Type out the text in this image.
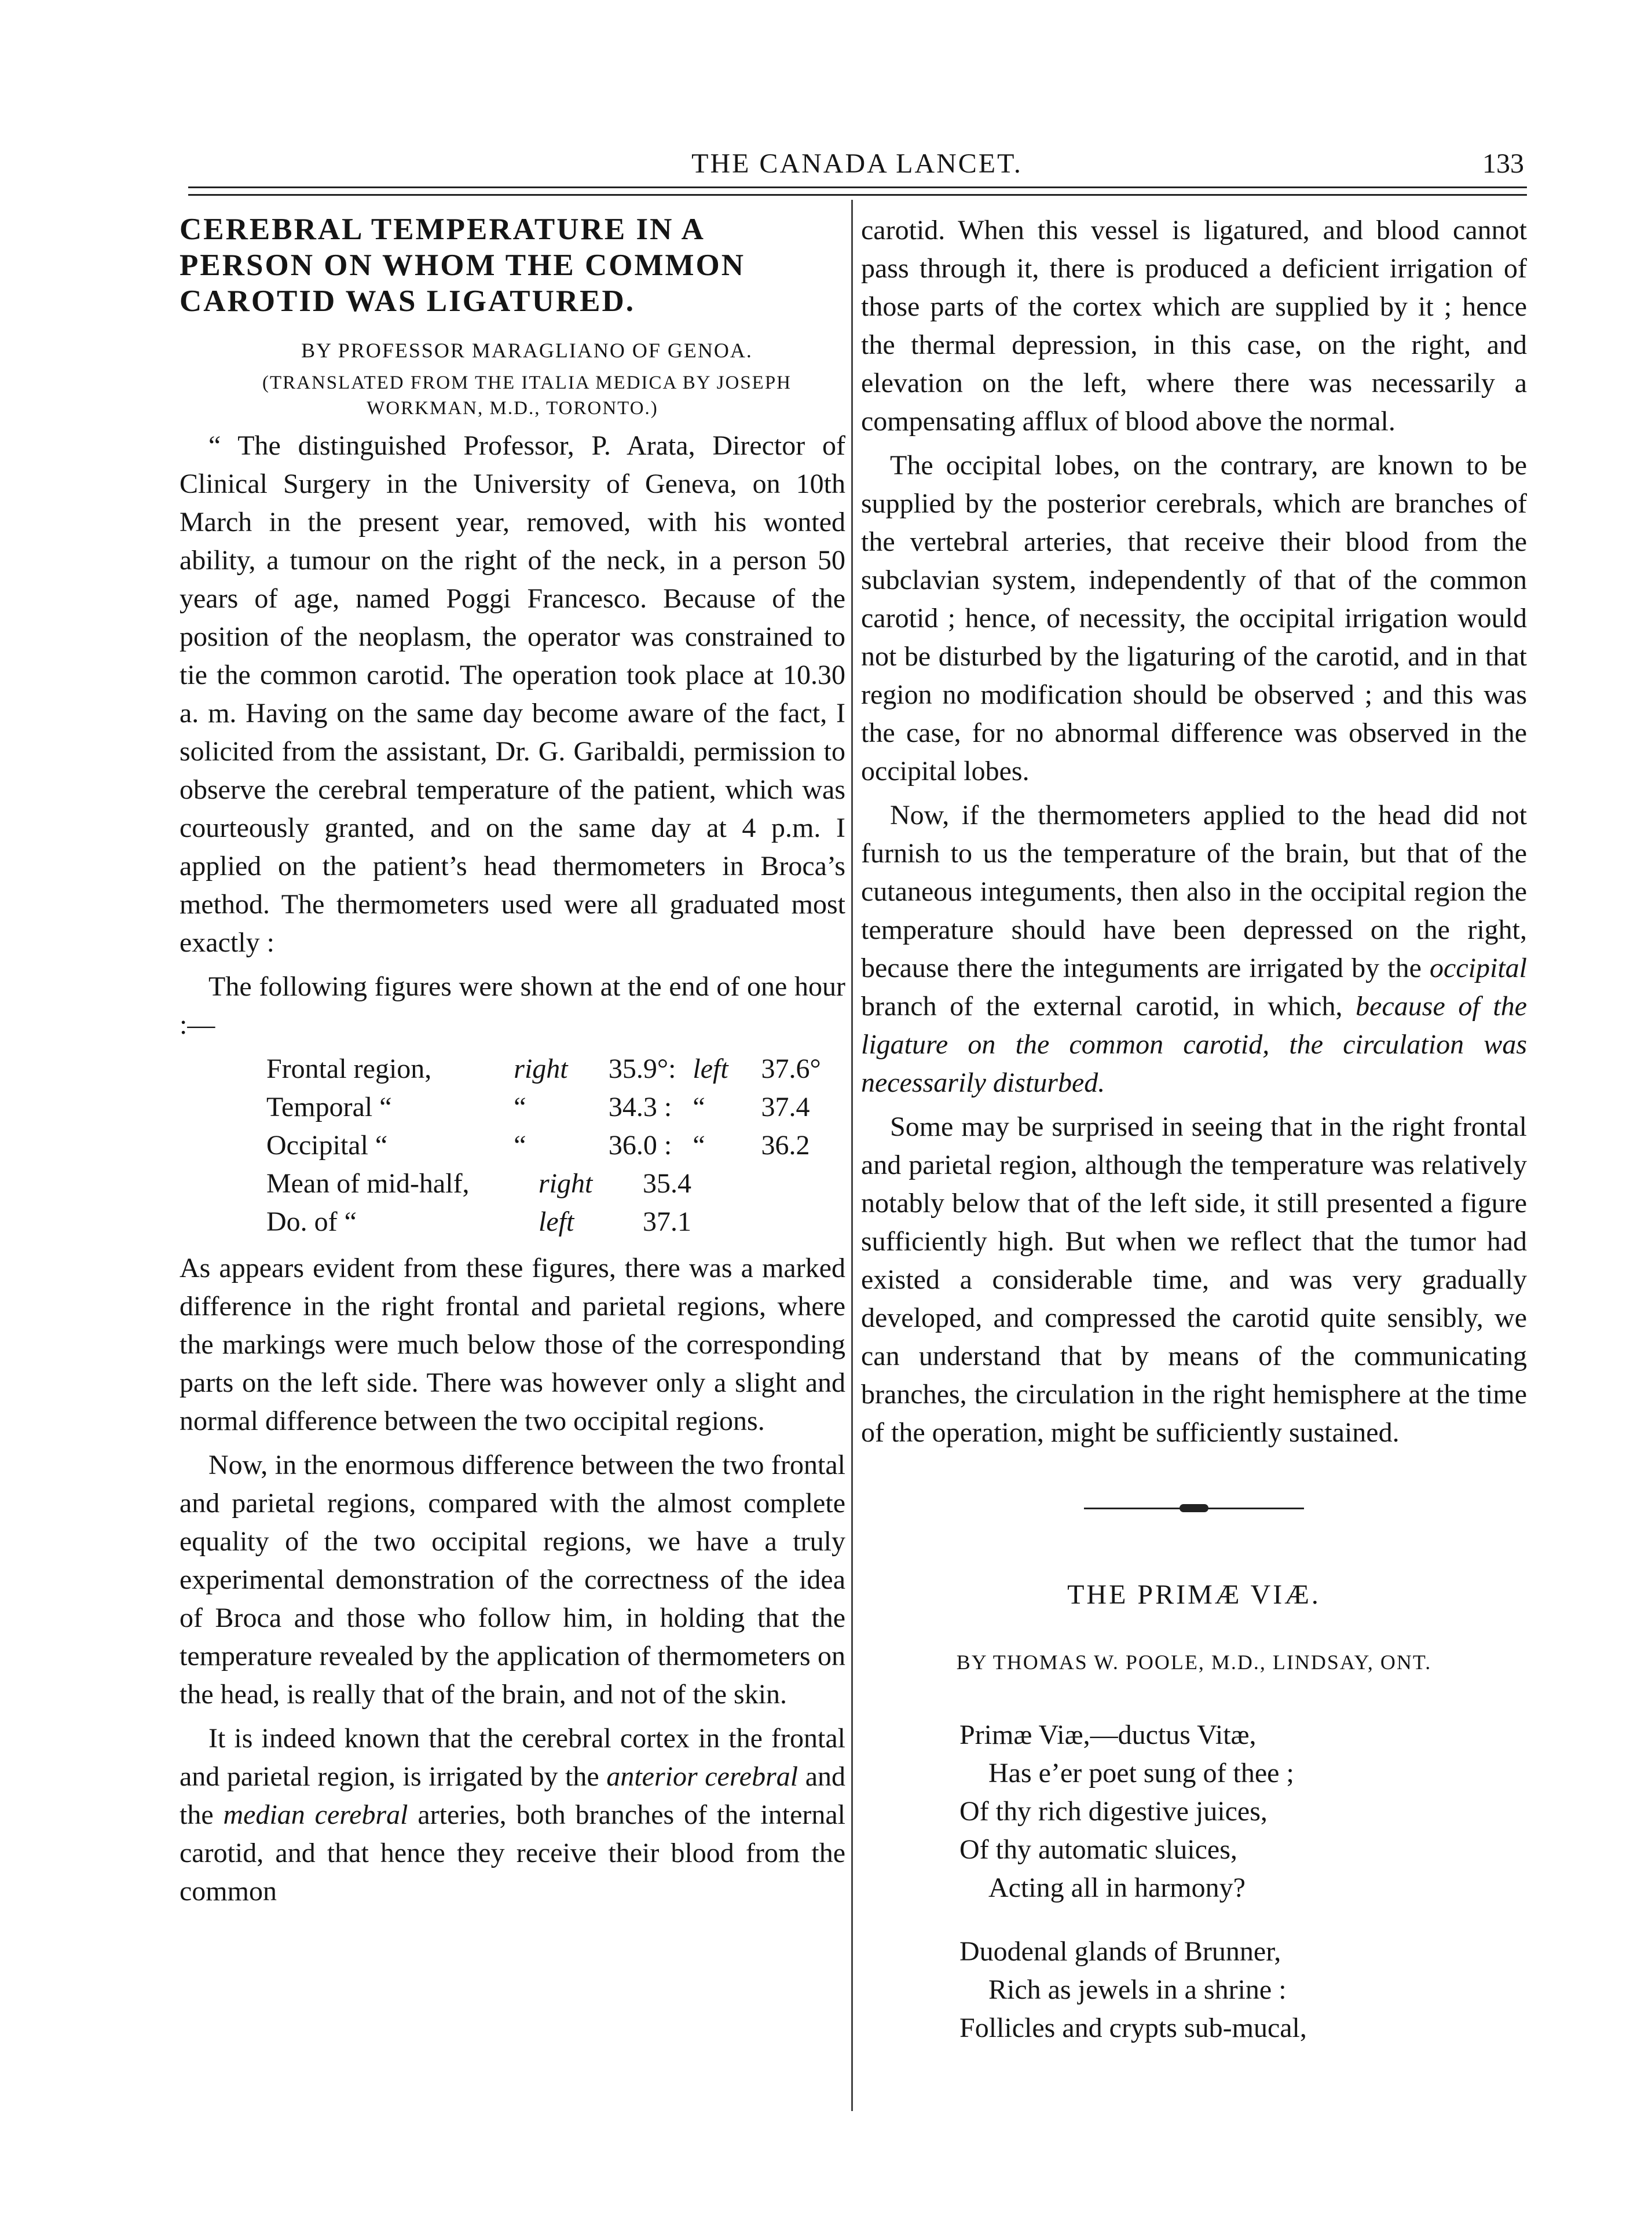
THE CANADA LANCET.	133
CEREBRAL TEMPERATURE IN A PERSON ON WHOM THE COMMON CAROTID WAS LIGATURED.

BY PROFESSOR MARAGLIANO OF GENOA.

(TRANSLATED FROM THE ITALIA MEDICA BY JOSEPH WORKMAN, M.D., TORONTO.)

“ The distinguished Professor, P. Arata, Director of Clinical Surgery in the University of Geneva, on 10th March in the present year, removed, with his wonted ability, a tumour on the right of the neck, in a person 50 years of age, named Poggi Francesco. Because of the position of the neoplasm, the operator was constrained to tie the common carotid. The operation took place at 10.30 a. m. Having on the same day become aware of the fact, I solicited from the assistant, Dr. G. Garibaldi, permission to observe the cerebral temperature of the patient, which was courteously granted, and on the same day at 4 p.m. I applied on the patient’s head thermometers in Broca’s method. The thermometers used were all graduated most exactly :

The following figures were shown at the end of one hour :—

Frontal region,	right	35.9°: left	37.6°
Temporal “	“	34.3 : “	37.4
Occipital “	“	36.0 : “	36.2
Mean of mid-half,	right	35.4
Do. of “	left	37.1

As appears evident from these figures, there was a marked difference in the right frontal and parietal regions, where the markings were much below those of the corresponding parts on the left side. There was however only a slight and normal difference between the two occipital regions.

Now, in the enormous difference between the two frontal and parietal regions, compared with the almost complete equality of the two occipital regions, we have a truly experimental demonstration of the correctness of the idea of Broca and those who follow him, in holding that the temperature revealed by the application of thermometers on the head, is really that of the brain, and not of the skin.

It is indeed known that the cerebral cortex in the frontal and parietal region, is irrigated by the anterior cerebral and the median cerebral arteries, both branches of the internal carotid, and that hence they receive their blood from the common

carotid. When this vessel is ligatured, and blood cannot pass through it, there is produced a deficient irrigation of those parts of the cortex which are supplied by it ; hence the thermal depression, in this case, on the right, and elevation on the left, where there was necessarily a compensating afflux of blood above the normal.

The occipital lobes, on the contrary, are known to be supplied by the posterior cerebrals, which are branches of the vertebral arteries, that receive their blood from the subclavian system, independently of that of the common carotid ; hence, of necessity, the occipital irrigation would not be disturbed by the ligaturing of the carotid, and in that region no modification should be observed ; and this was the case, for no abnormal difference was observed in the occipital lobes.

Now, if the thermometers applied to the head did not furnish to us the temperature of the brain, but that of the cutaneous integuments, then also in the occipital region the temperature should have been depressed on the right, because there the integuments are irrigated by the occipital branch of the external carotid, in which, because of the ligature on the common carotid, the circulation was necessarily disturbed.

Some may be surprised in seeing that in the right frontal and parietal region, although the temperature was relatively notably below that of the left side, it still presented a figure sufficiently high. But when we reflect that the tumor had existed a considerable time, and was very gradually developed, and compressed the carotid quite sensibly, we can understand that by means of the communicating branches, the circulation in the right hemisphere at the time of the operation, might be sufficiently sustained.

THE PRIMÆ VIÆ.
BY THOMAS W. POOLE, M.D., LINDSAY, ONT.
Primæ Viæ,—ductus Vitæ,
Has e’er poet sung of thee ;
Of thy rich digestive juices,
Of thy automatic sluices,
Acting all in harmony?
Duodenal glands of Brunner,
Rich as jewels in a shrine :
Follicles and crypts sub-mucal,
